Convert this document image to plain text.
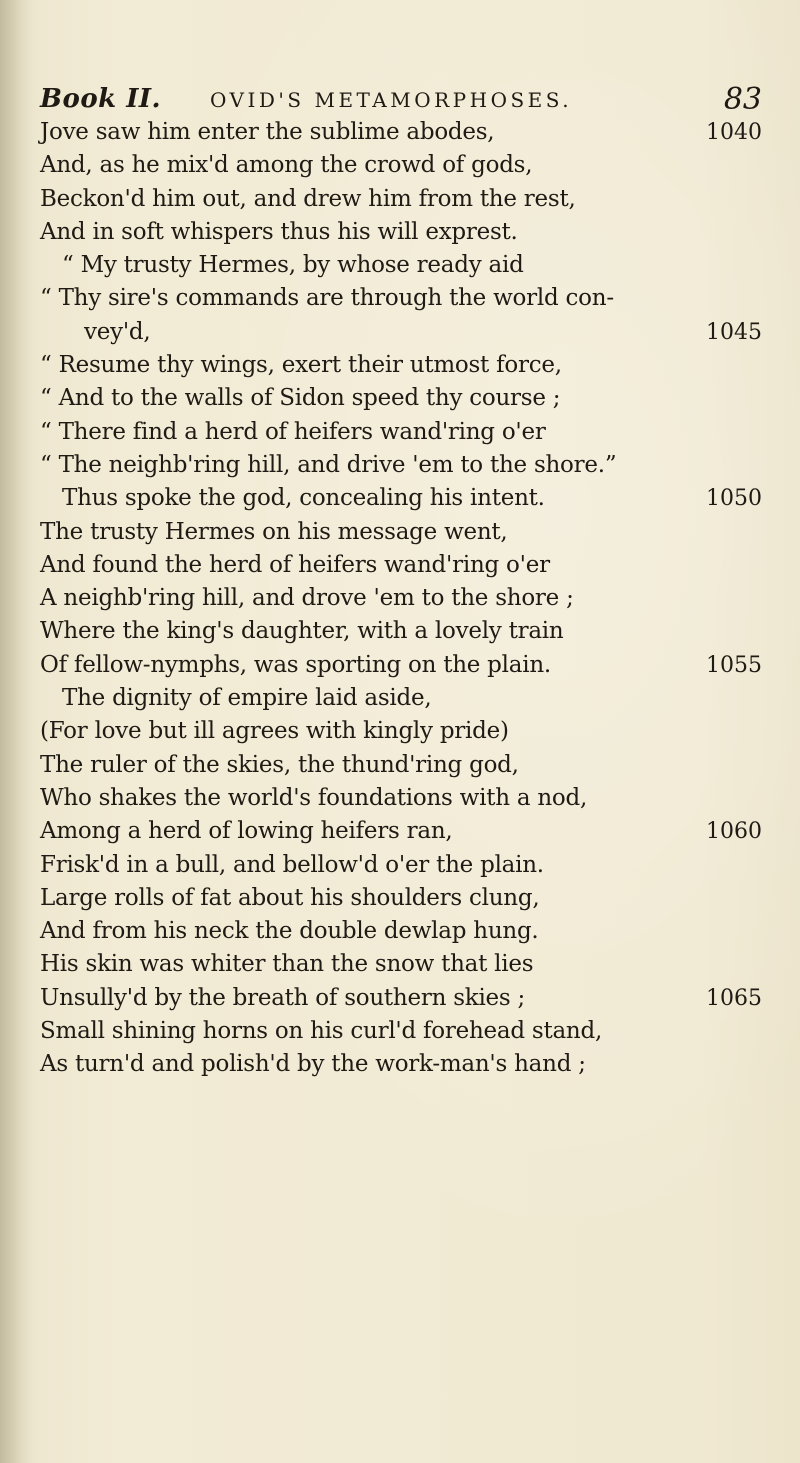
Book II. OVID'S METAMORPHOSES.	83
Jove saw him enter the sublime abodes,	1040
And, as he mix'd among the crowd of gods,
Beckon'd him out, and drew him from the rest,
And in soft whispers thus his will exprest.
“ My trusty Hermes, by whose ready aid
“ Thy sire's commands are through the world con-
vey'd,	1045
“ Resume thy wings, exert their utmost force,
“ And to the walls of Sidon speed thy course ;
“ There find a herd of heifers wand'ring o'er
“ The neighb'ring hill, and drive 'em to the shore.”
Thus spoke the god, concealing his intent.	1050
The trusty Hermes on his message went,
And found the herd of heifers wand'ring o'er
A neighb'ring hill, and drove 'em to the shore ;
Where the king's daughter, with a lovely train
Of fellow-nymphs, was sporting on the plain.	1055
The dignity of empire laid aside,
(For love but ill agrees with kingly pride)
The ruler of the skies, the thund'ring god,
Who shakes the world's foundations with a nod,
Among a herd of lowing heifers ran,	1060
Frisk'd in a bull, and bellow'd o'er the plain.
Large rolls of fat about his shoulders clung,
And from his neck the double dewlap hung.
His skin was whiter than the snow that lies
Unsully'd by the breath of southern skies ;	1065
Small shining horns on his curl'd forehead stand,
As turn'd and polish'd by the work-man's hand ;
